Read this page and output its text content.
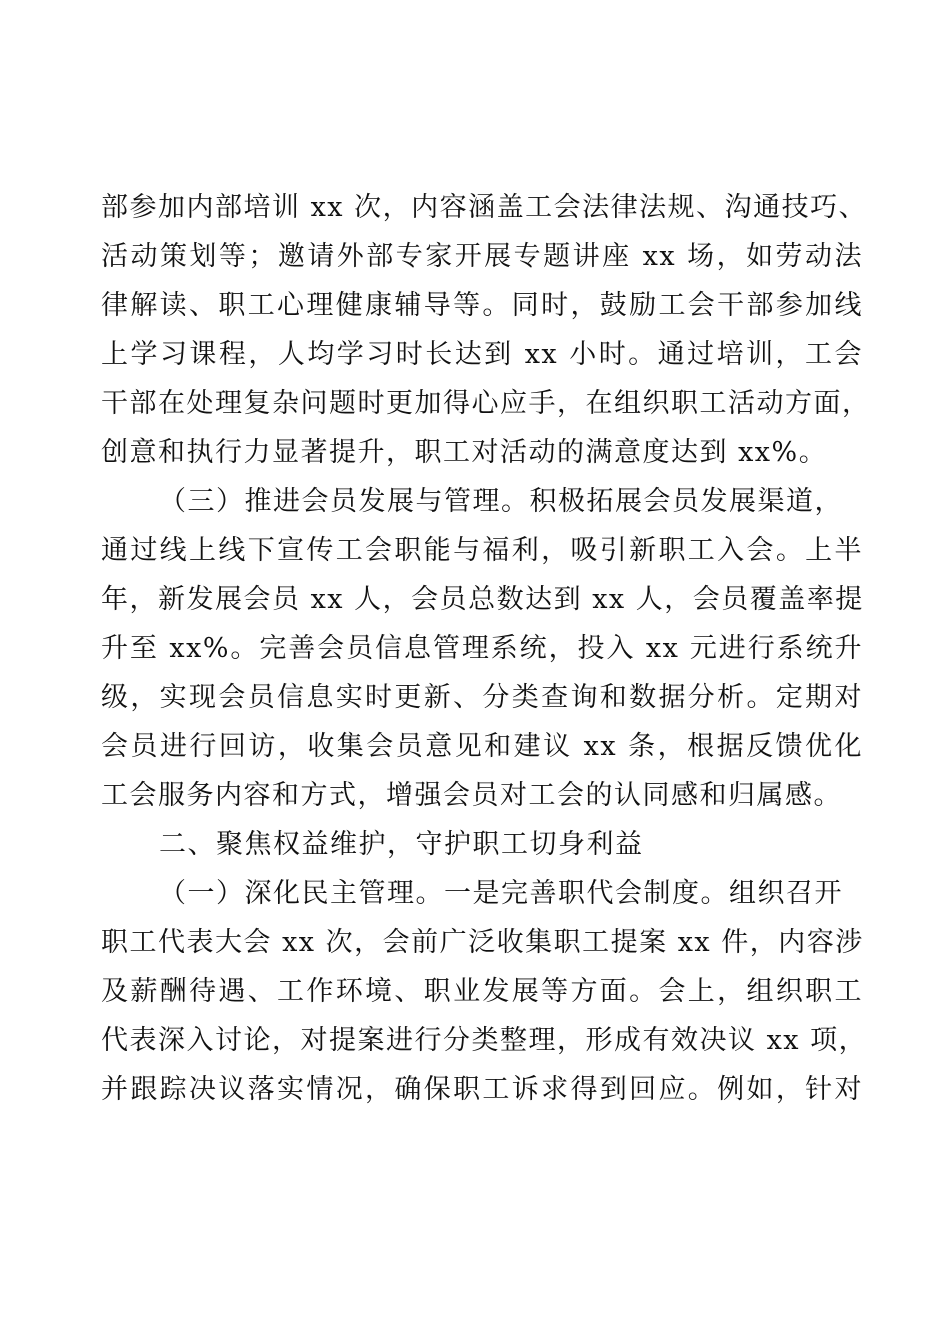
部参加内部培训 xx 次，内容涵盖工会法律法规、沟通技巧、
活动策划等；邀请外部专家开展专题讲座 xx 场，如劳动法
律解读、职工心理健康辅导等。同时，鼓励工会干部参加线
上学习课程，人均学习时长达到 xx 小时。通过培训，工会
干部在处理复杂问题时更加得心应手，在组织职工活动方面，
创意和执行力显著提升，职工对活动的满意度达到 xx%。
（三）推进会员发展与管理。积极拓展会员发展渠道，
通过线上线下宣传工会职能与福利，吸引新职工入会。上半
年，新发展会员 xx 人，会员总数达到 xx 人，会员覆盖率提
升至 xx%。完善会员信息管理系统，投入 xx 元进行系统升
级，实现会员信息实时更新、分类查询和数据分析。定期对
会员进行回访，收集会员意见和建议 xx 条，根据反馈优化
工会服务内容和方式，增强会员对工会的认同感和归属感。
二、聚焦权益维护，守护职工切身利益
（一）深化民主管理。一是完善职代会制度。组织召开
职工代表大会 xx 次，会前广泛收集职工提案 xx 件，内容涉
及薪酬待遇、工作环境、职业发展等方面。会上，组织职工
代表深入讨论，对提案进行分类整理，形成有效决议 xx 项，
并跟踪决议落实情况，确保职工诉求得到回应。例如，针对
